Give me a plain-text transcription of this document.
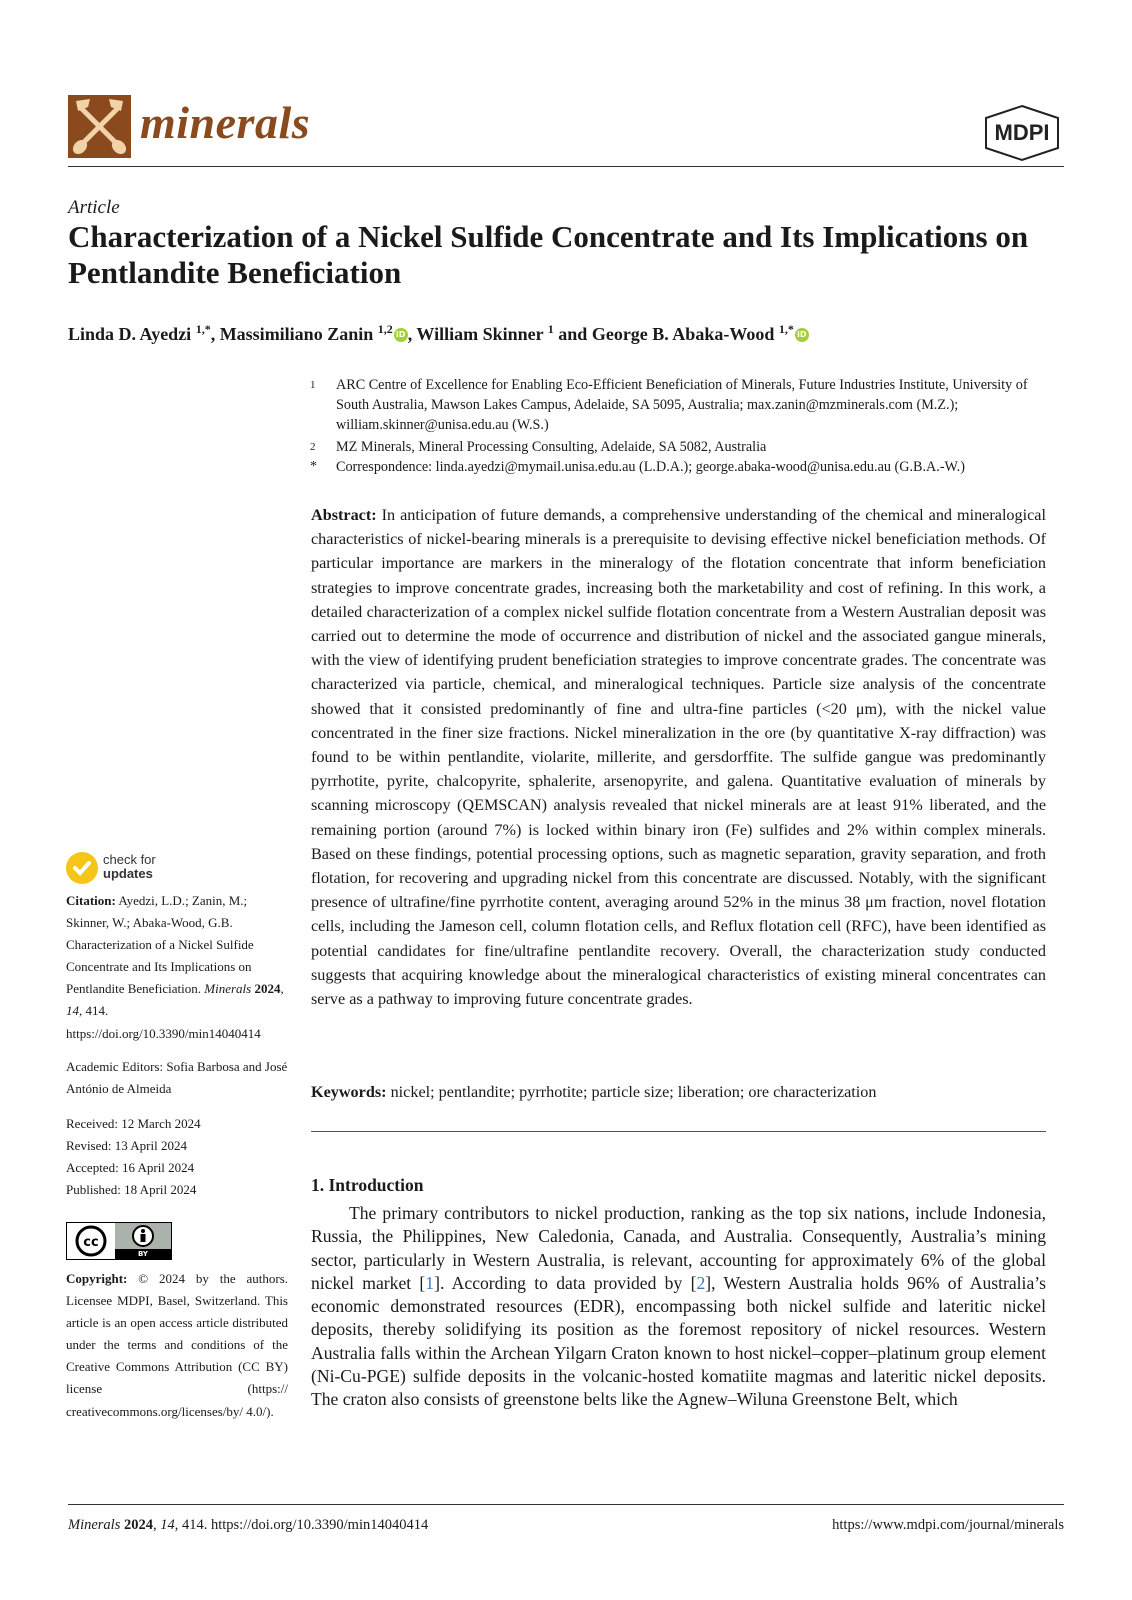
minerals	MDPI
Article
Characterization of a Nickel Sulfide Concentrate and Its Implications on Pentlandite Beneficiation
Linda D. Ayedzi $^{1,*}$, Massimiliano Zanin $^{1,2}$ iD , William Skinner $^1$ and George B. Abaka-Wood $^{1,*}$ iD
1 ARC Centre of Excellence for Enabling Eco-Efficient Beneficiation of Minerals, Future Industries Institute, University of South Australia, Mawson Lakes Campus, Adelaide, SA 5095, Australia; max.zanin@mzminerals.com (M.Z.); william.skinner@unisa.edu.au (W.S.)
2 MZ Minerals, Mineral Processing Consulting, Adelaide, SA 5082, Australia
* Correspondence: linda.ayedzi@mymail.unisa.edu.au (L.D.A.); george.abaka-wood@unisa.edu.au (G.B.A.-W.)
Abstract: In anticipation of future demands, a comprehensive understanding of the chemical and mineralogical characteristics of nickel-bearing minerals is a prerequisite to devising effective nickel beneficiation methods. Of particular importance are markers in the mineralogy of the flotation concentrate that inform beneficiation strategies to improve concentrate grades, increasing both the marketability and cost of refining. In this work, a detailed characterization of a complex nickel sulfide flotation concentrate from a Western Australian deposit was carried out to determine the mode of occurrence and distribution of nickel and the associated gangue minerals, with the view of identifying prudent beneficiation strategies to improve concentrate grades. The concentrate was characterized via particle, chemical, and mineralogical techniques. Particle size analysis of the concentrate showed that it consisted predominantly of fine and ultra-fine particles (<20 μm), with the nickel value concentrated in the finer size fractions. Nickel mineralization in the ore (by quantitative X-ray diffraction) was found to be within pentlandite, violarite, millerite, and gersdorffite. The sulfide gangue was predominantly pyrrhotite, pyrite, chalcopyrite, sphalerite, arsenopyrite, and galena. Quantitative evaluation of minerals by scanning microscopy (QEMSCAN) analysis revealed that nickel minerals are at least 91% liberated, and the remaining portion (around 7%) is locked within binary iron (Fe) sulfides and 2% within complex minerals. Based on these findings, potential processing options, such as magnetic separation, gravity separation, and froth flotation, for recovering and upgrading nickel from this concentrate are discussed. Notably, with the significant presence of ultrafine/fine pyrrhotite content, averaging around 52% in the minus 38 μm fraction, novel flotation cells, including the Jameson cell, column flotation cells, and Reflux flotation cell (RFC), have been identified as potential candidates for fine/ultrafine pentlandite recovery. Overall, the characterization study conducted suggests that acquiring knowledge about the mineralogical characteristics of existing mineral concentrates can serve as a pathway to improving future concentrate grades.
Keywords: nickel; pentlandite; pyrrhotite; particle size; liberation; ore characterization
1. Introduction
The primary contributors to nickel production, ranking as the top six nations, include Indonesia, Russia, the Philippines, New Caledonia, Canada, and Australia. Consequently, Australia’s mining sector, particularly in Western Australia, is relevant, accounting for approximately 6% of the global nickel market [1]. According to data provided by [2], Western Australia holds 96% of Australia’s economic demonstrated resources (EDR), encompassing both nickel sulfide and lateritic nickel deposits, thereby solidifying its position as the foremost repository of nickel resources. Western Australia falls within the Archean Yilgarn Craton known to host nickel–copper–platinum group element (Ni-Cu-PGE) sulfide deposits in the volcanic-hosted komatiite magmas and lateritic nickel deposits. The craton also consists of greenstone belts like the Agnew–Wiluna Greenstone Belt, which
check for
updates
Citation: Ayedzi, L.D.; Zanin, M.; Skinner, W.; Abaka-Wood, G.B. Characterization of a Nickel Sulfide Concentrate and Its Implications on Pentlandite Beneficiation. Minerals 2024, 14, 414. https://doi.org/10.3390/min14040414
Academic Editors: Sofia Barbosa and José António de Almeida
Received: 12 March 2024
Revised: 13 April 2024
Accepted: 16 April 2024
Published: 18 April 2024
cc
BY
Copyright: © 2024 by the authors. Licensee MDPI, Basel, Switzerland. This article is an open access article distributed under the terms and conditions of the Creative Commons Attribution (CC BY) license (https:// creativecommons.org/licenses/by/ 4.0/).
Minerals 2024, 14, 414. https://doi.org/10.3390/min14040414	https://www.mdpi.com/journal/minerals
